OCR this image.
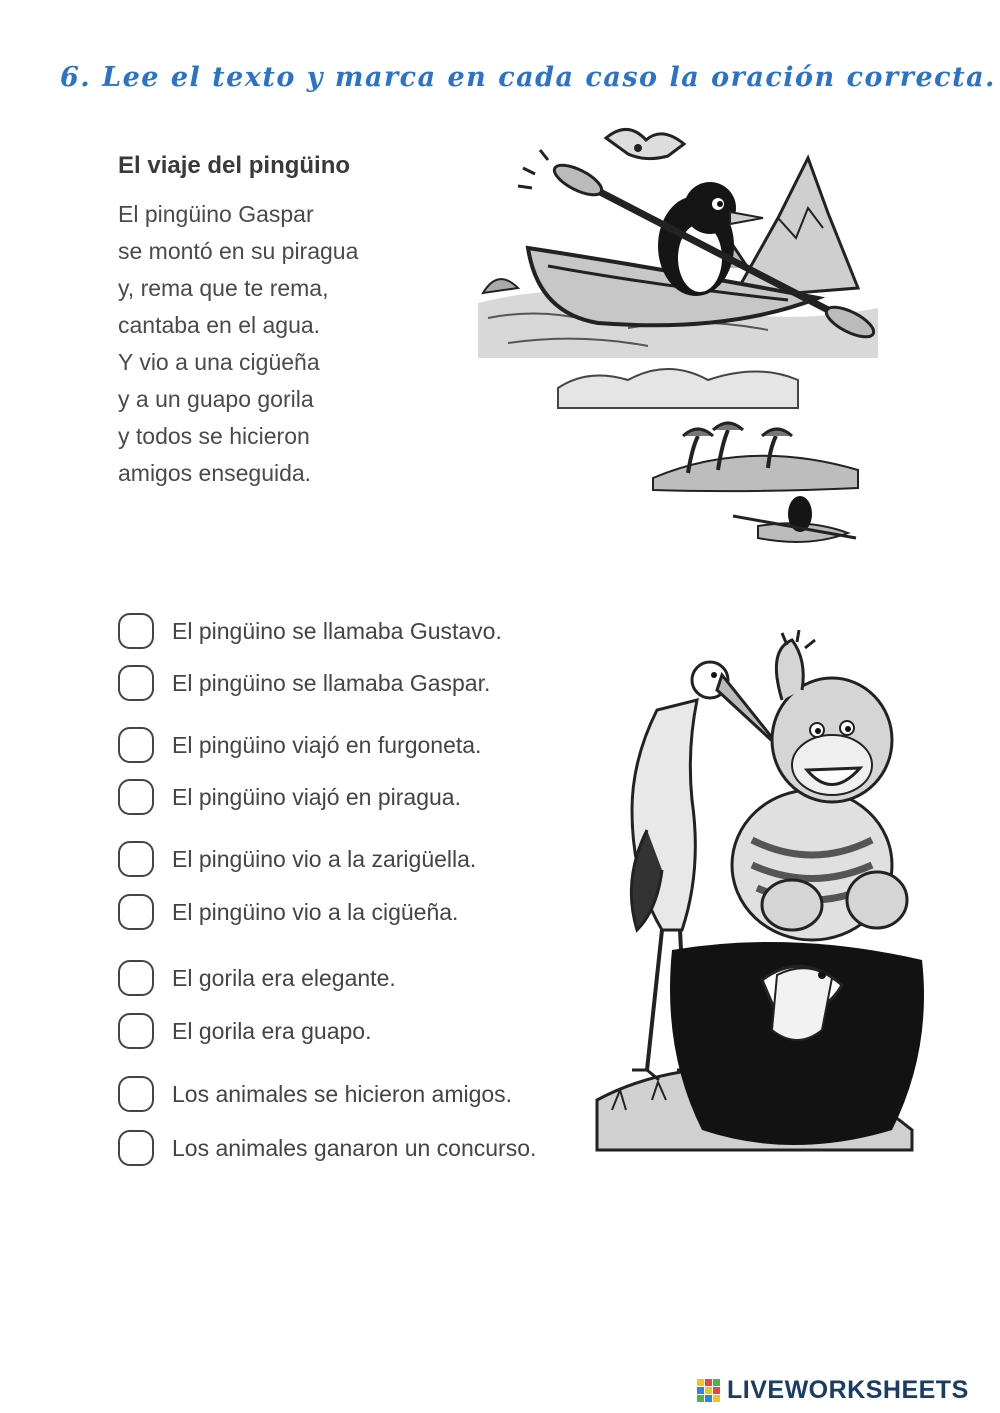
6. Lee el texto y marca en cada caso la oración correcta.
El viaje del pingüino
El pingüino Gaspar
se montó en su piragua
y, rema que te rema,
cantaba en el agua.
Y vio a una cigüeña
y a un guapo gorila
y todos se hicieron
amigos enseguida.
El pingüino se llamaba Gustavo.
El pingüino se llamaba Gaspar.
El pingüino viajó en furgoneta.
El pingüino viajó en piragua.
El pingüino vio a la zarigüella.
El pingüino vio a la cigüeña.
El gorila era elegante.
El gorila era guapo.
Los animales se hicieron amigos.
Los animales ganaron un concurso.
LIVEWORKSHEETS
